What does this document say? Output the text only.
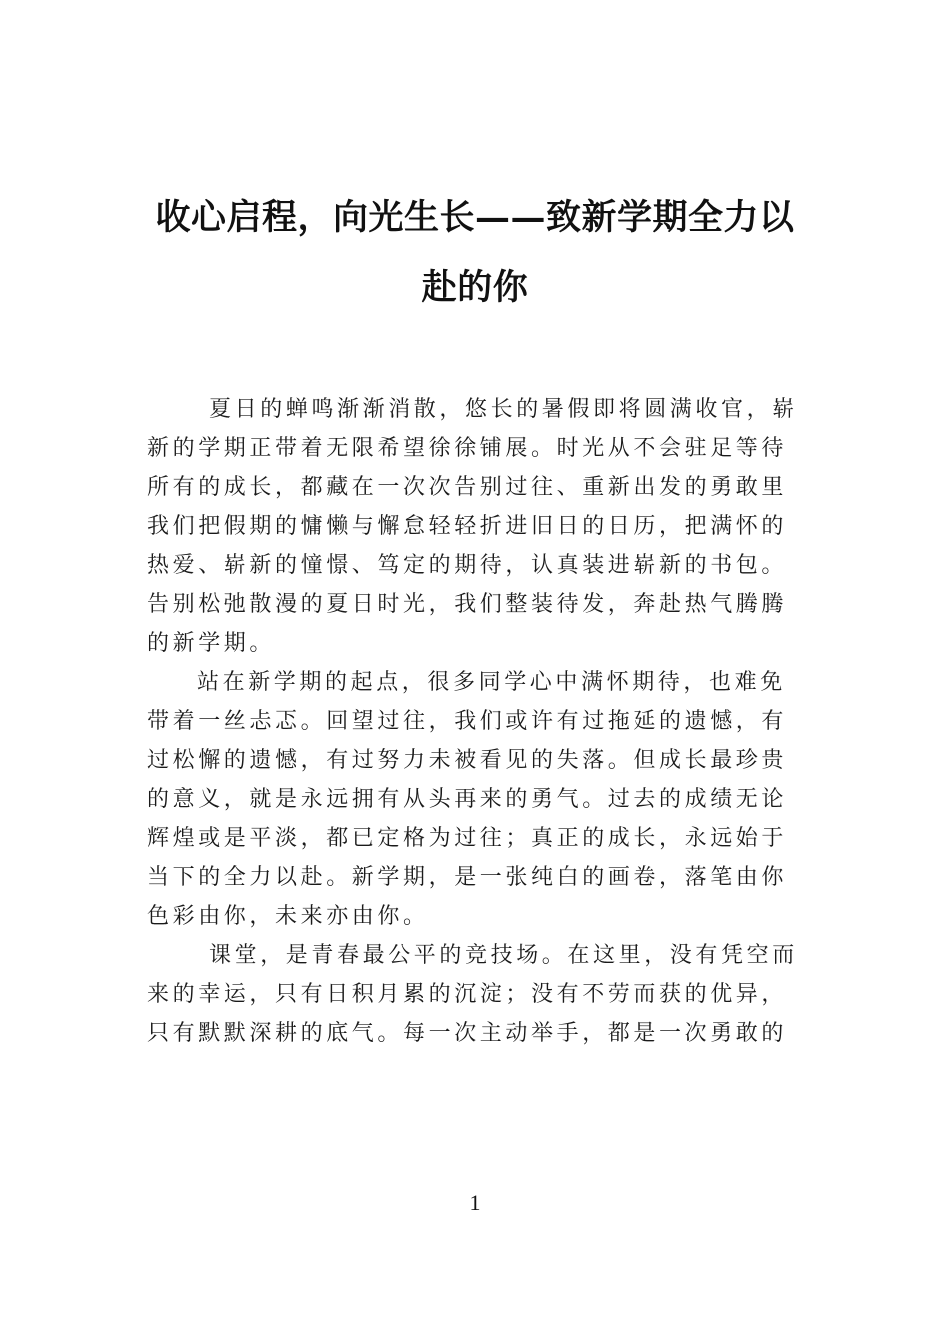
收心启程，向光生长——致新学期全力以
赴的你
夏日的蝉鸣渐渐消散，悠长的暑假即将圆满收官，崭
新的学期正带着无限希望徐徐铺展。时光从不会驻足等待
所有的成长，都藏在一次次告别过往、重新出发的勇敢里
我们把假期的慵懒与懈怠轻轻折进旧日的日历，把满怀的
热爱、崭新的憧憬、笃定的期待，认真装进崭新的书包。
告别松弛散漫的夏日时光，我们整装待发，奔赴热气腾腾
的新学期。
站在新学期的起点，很多同学心中满怀期待，也难免
带着一丝忐忑。回望过往，我们或许有过拖延的遗憾，有
过松懈的遗憾，有过努力未被看见的失落。但成长最珍贵
的意义，就是永远拥有从头再来的勇气。过去的成绩无论
辉煌或是平淡，都已定格为过往；真正的成长，永远始于
当下的全力以赴。新学期，是一张纯白的画卷，落笔由你
色彩由你，未来亦由你。
课堂，是青春最公平的竞技场。在这里，没有凭空而
来的幸运，只有日积月累的沉淀；没有不劳而获的优异，
只有默默深耕的底气。每一次主动举手，都是一次勇敢的
1
